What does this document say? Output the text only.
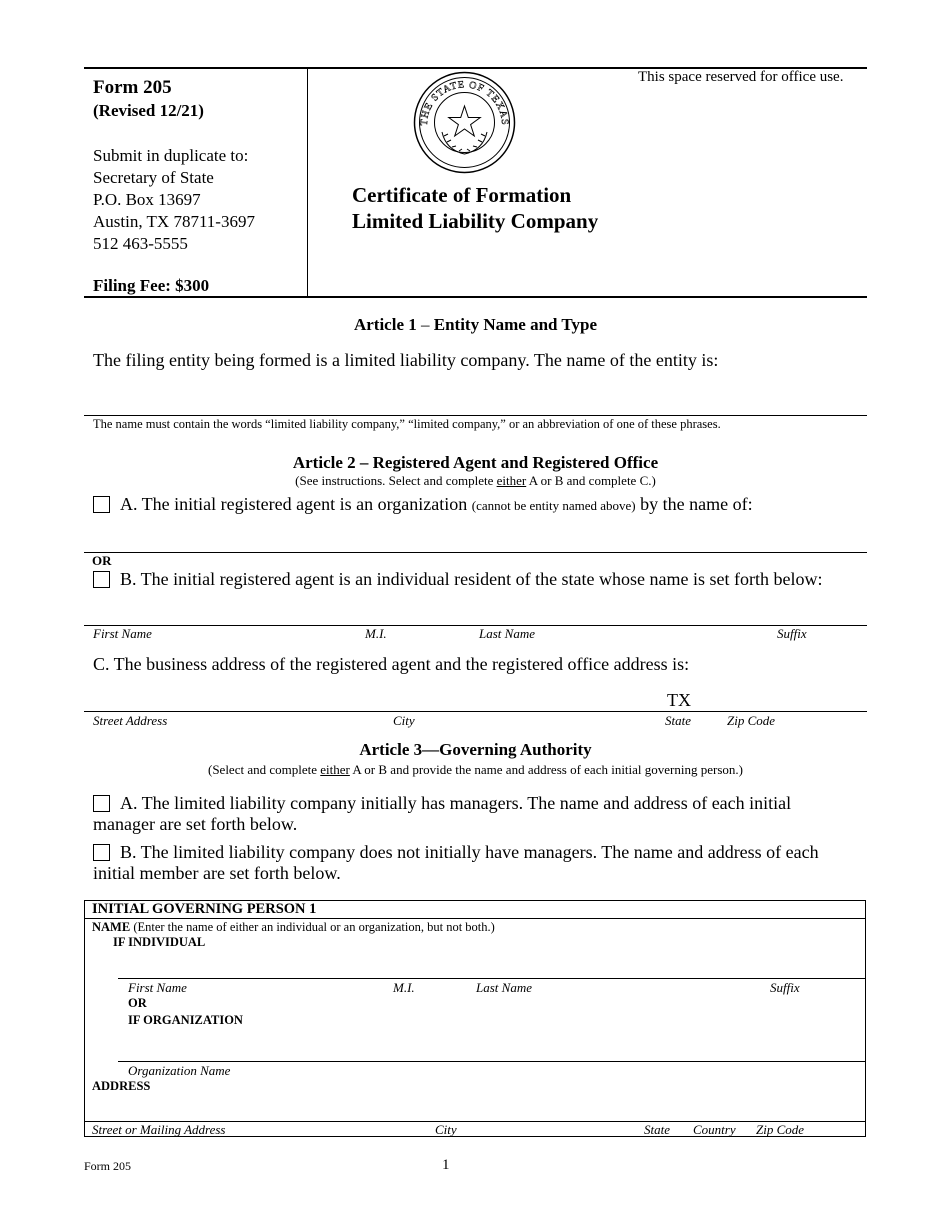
Form 205
(Revised 12/21)
Submit in duplicate to:
Secretary of State
P.O. Box 13697
Austin, TX 78711-3697
512 463-5555
Filing Fee: $300
This space reserved for office use.
THE STATE OF TEXAS
Certificate of Formation
Limited Liability Company
Article 1 – Entity Name and Type
The filing entity being formed is a limited liability company. The name of the entity is:
The name must contain the words “limited liability company,” “limited company,” or an abbreviation of one of these phrases.
Article 2 – Registered Agent and Registered Office
(See instructions. Select and complete either A or B and complete C.)
A. The initial registered agent is an organization (cannot be entity named above) by the name of:
OR
B. The initial registered agent is an individual resident of the state whose name is set forth below:
First Name	M.I.	Last Name	Suffix
C. The business address of the registered agent and the registered office address is:
TX
Street Address	City	State	Zip Code
Article 3—Governing Authority
(Select and complete either A or B and provide the name and address of each initial governing person.)
A. The limited liability company initially has managers. The name and address of each initial
manager are set forth below.
B. The limited liability company does not initially have managers. The name and address of each
initial member are set forth below.
INITIAL GOVERNING PERSON 1
NAME (Enter the name of either an individual or an organization, but not both.)
IF INDIVIDUAL
First Name	M.I.	Last Name	Suffix
OR
IF ORGANIZATION
Organization Name
ADDRESS
Street or Mailing Address	City	State Country Zip Code
Form 205	1
